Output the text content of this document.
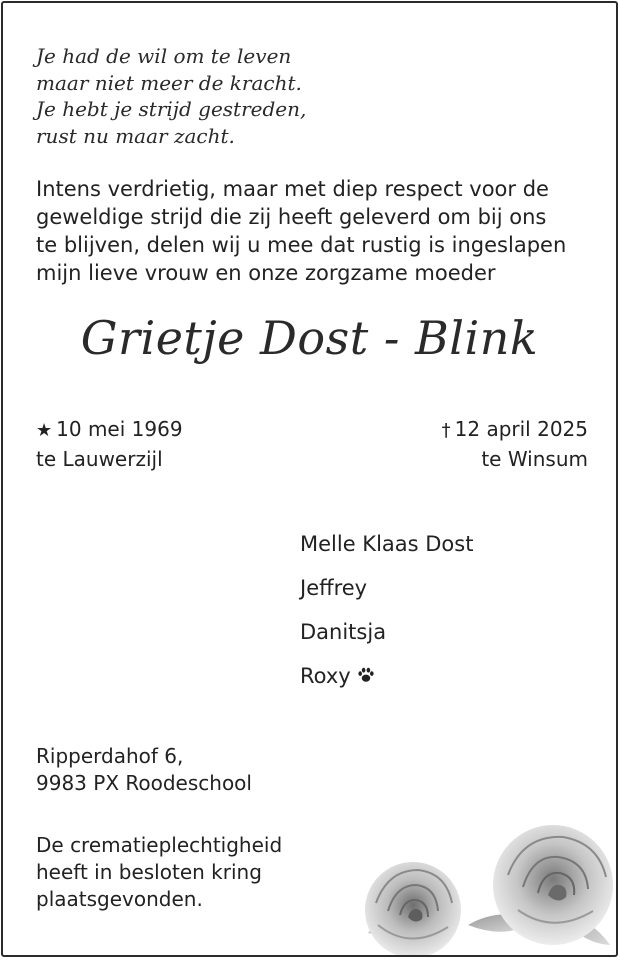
Je had de wil om te leven
maar niet meer de kracht.
Je hebt je strijd gestreden,
rust nu maar zacht.
Intens verdrietig, maar met diep respect voor de
geweldige strijd die zij heeft geleverd om bij ons
te blijven, delen wij u mee dat rustig is ingeslapen
mijn lieve vrouw en onze zorgzame moeder
Grietje Dost - Blink
★ 10 mei 1969
te Lauwerzijl
† 12 april 2025
te Winsum
Melle Klaas Dost
Jeffrey
Danitsja
Roxy
Ripperdahof 6,
9983 PX Roodeschool
De crematieplechtigheid
heeft in besloten kring
plaatsgevonden.
